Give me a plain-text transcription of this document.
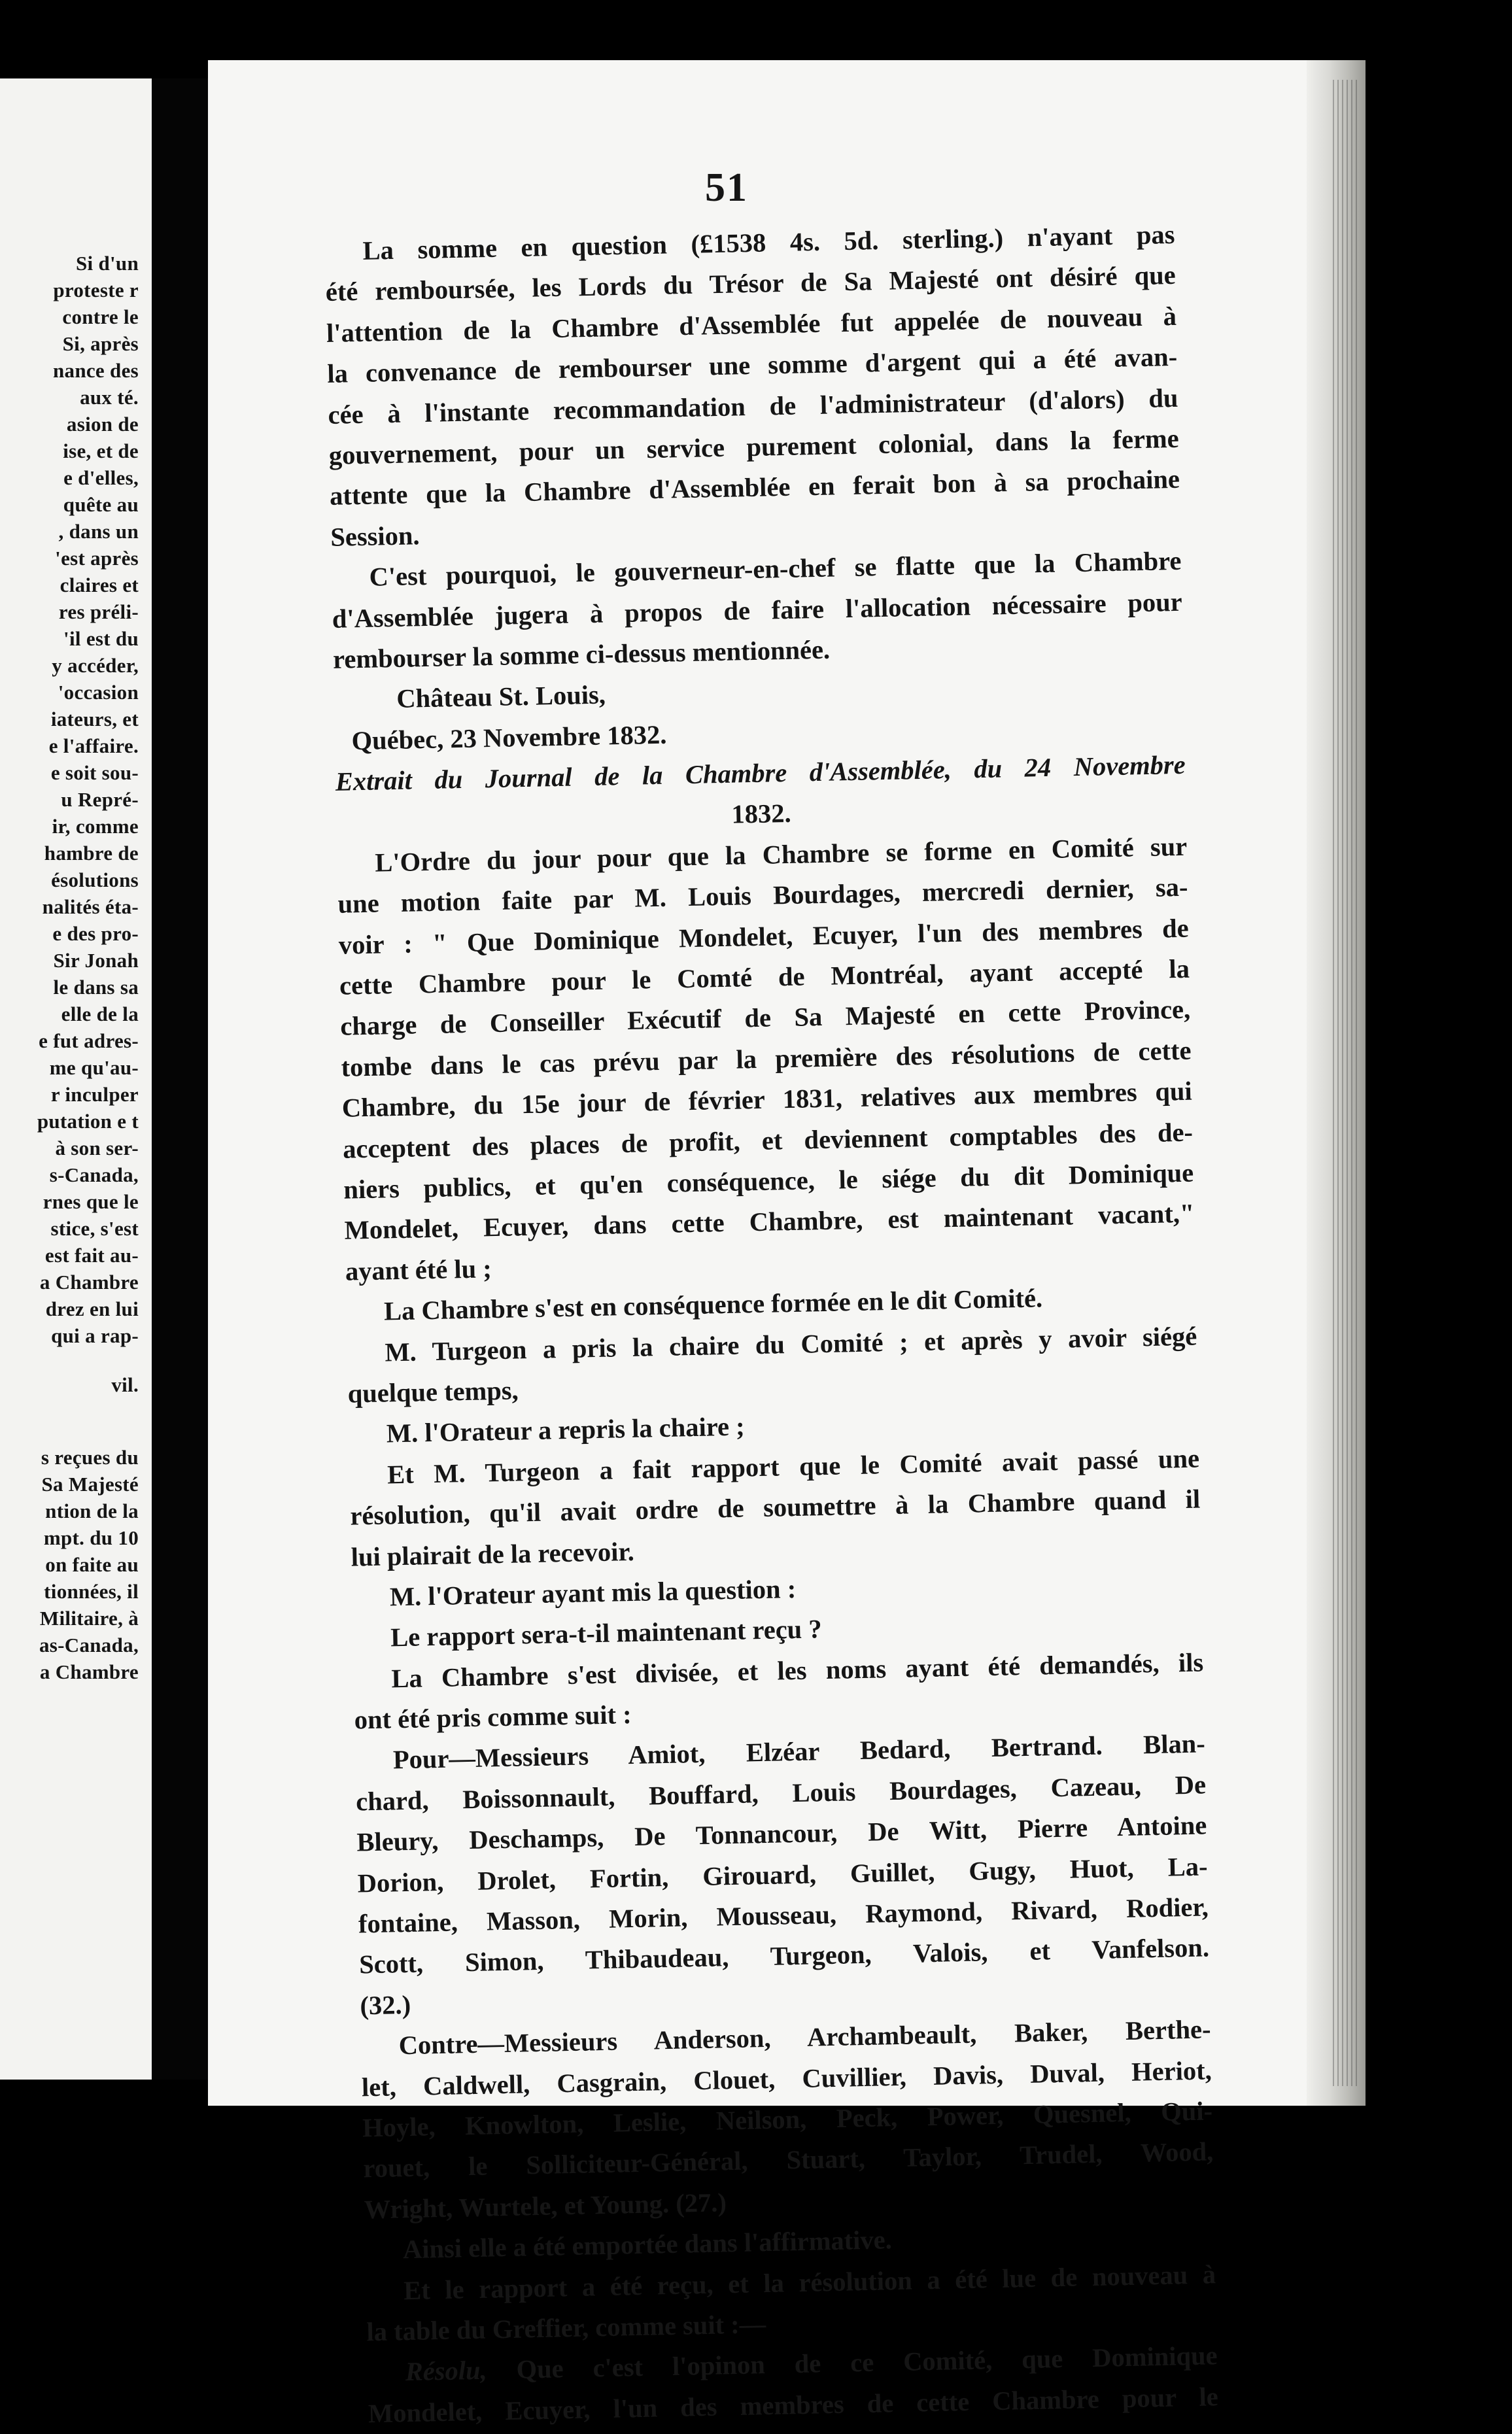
Si d'un
proteste r
contre le
Si, après
nance des
aux té.
asion de
ise, et de
e d'elles,
quête au
, dans un
'est après
claires et
res préli-
'il est du
y accéder,
'occasion
iateurs, et
e l'affaire.
e soit sou-
u Repré-
ir, comme
hambre de
ésolutions
nalités éta-
e des pro-
Sir Jonah
le dans sa
elle de la
e fut adres-
me qu'au-
r inculper
putation e t
à son ser-
s-Canada,
rnes que le
stice, s'est
est fait au-
a Chambre
drez en lui
qui a rap-
vil.
s reçues du
Sa Majesté
ntion de la
mpt. du 10
on faite au
tionnées, il
Militaire, à
as-Canada,
a Chambre
51
La somme en question (£1538 4s. 5d. sterling.) n'ayant pas
été remboursée, les Lords du Trésor de Sa Majesté ont désiré que
l'attention de la Chambre d'Assemblée fut appelée de nouveau à
la convenance de rembourser une somme d'argent qui a été avan-
cée à l'instante recommandation de l'administrateur (d'alors) du
gouvernement, pour un service purement colonial, dans la ferme
attente que la Chambre d'Assemblée en ferait bon à sa prochaine
Session.
C'est pourquoi, le gouverneur-en-chef se flatte que la Chambre
d'Assemblée jugera à propos de faire l'allocation nécessaire pour
rembourser la somme ci-dessus mentionnée.
Château St. Louis,
Québec, 23 Novembre 1832.
Extrait du Journal de la Chambre d'Assemblée, du 24 Novembre
1832.
L'Ordre du jour pour que la Chambre se forme en Comité sur
une motion faite par M. Louis Bourdages, mercredi dernier, sa-
voir : " Que Dominique Mondelet, Ecuyer, l'un des membres de
cette Chambre pour le Comté de Montréal, ayant accepté la
charge de Conseiller Exécutif de Sa Majesté en cette Province,
tombe dans le cas prévu par la première des résolutions de cette
Chambre, du 15e jour de février 1831, relatives aux membres qui
acceptent des places de profit, et deviennent comptables des de-
niers publics, et qu'en conséquence, le siége du dit Dominique
Mondelet, Ecuyer, dans cette Chambre, est maintenant vacant,"
ayant été lu ;
La Chambre s'est en conséquence formée en le dit Comité.
M. Turgeon a pris la chaire du Comité ; et après y avoir siégé
quelque temps,
M. l'Orateur a repris la chaire ;
Et M. Turgeon a fait rapport que le Comité avait passé une
résolution, qu'il avait ordre de soumettre à la Chambre quand il
lui plairait de la recevoir.
M. l'Orateur ayant mis la question :
Le rapport sera-t-il maintenant reçu ?
La Chambre s'est divisée, et les noms ayant été demandés, ils
ont été pris comme suit :
Pour—Messieurs Amiot, Elzéar Bedard, Bertrand. Blan-
chard, Boissonnault, Bouffard, Louis Bourdages, Cazeau, De
Bleury, Deschamps, De Tonnancour, De Witt, Pierre Antoine
Dorion, Drolet, Fortin, Girouard, Guillet, Gugy, Huot, La-
fontaine, Masson, Morin, Mousseau, Raymond, Rivard, Rodier,
Scott, Simon, Thibaudeau, Turgeon, Valois, et Vanfelson.
(32.)
Contre—Messieurs Anderson, Archambeault, Baker, Berthe-
let, Caldwell, Casgrain, Clouet, Cuvillier, Davis, Duval, Heriot,
Hoyle, Knowlton, Leslie, Neilson, Peck, Power, Quesnel, Qui-
rouet, le Solliciteur-Général, Stuart, Taylor, Trudel, Wood,
Wright, Wurtele, et Young. (27.)
Ainsi elle a été emportée dans l'affirmative.
Et le rapport a été reçu, et la résolution a été lue de nouveau à
la table du Greffier, comme suit :—
Résolu, Que c'est l'opinon de ce Comité, que Dominique
Mondelet, Ecuyer, l'un des membres de cette Chambre pour le
